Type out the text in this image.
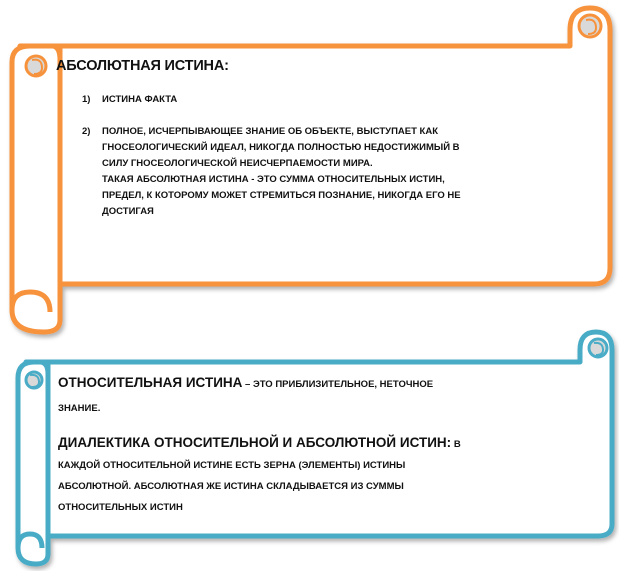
АБСОЛЮТНАЯ ИСТИНА:
1) ИСТИНА ФАКТА
2) ПОЛНОЕ, ИСЧЕРПЫВАЮЩЕЕ ЗНАНИЕ ОБ ОБЪЕКТЕ, ВЫСТУПАЕТ КАК
ГНОСЕОЛОГИЧЕСКИЙ ИДЕАЛ, НИКОГДА ПОЛНОСТЬЮ НЕДОСТИЖИМЫЙ В
СИЛУ ГНОСЕОЛОГИЧЕСКОЙ НЕИСЧЕРПАЕМОСТИ МИРА.
ТАКАЯ АБСОЛЮТНАЯ ИСТИНА - ЭТО СУММА ОТНОСИТЕЛЬНЫХ ИСТИН,
ПРЕДЕЛ, К КОТОРОМУ МОЖЕТ СТРЕМИТЬСЯ ПОЗНАНИЕ, НИКОГДА ЕГО НЕ
ДОСТИГАЯ

ОТНОСИТЕЛЬНАЯ ИСТИНА – ЭТО ПРИБЛИЗИТЕЛЬНОЕ, НЕТОЧНОЕ
ЗНАНИЕ.

ДИАЛЕКТИКА ОТНОСИТЕЛЬНОЙ И АБСОЛЮТНОЙ ИСТИН: В
КАЖДОЙ ОТНОСИТЕЛЬНОЙ ИСТИНЕ ЕСТЬ ЗЕРНА (ЭЛЕМЕНТЫ) ИСТИНЫ
АБСОЛЮТНОЙ. АБСОЛЮТНАЯ ЖЕ ИСТИНА СКЛАДЫВАЕТСЯ ИЗ СУММЫ
ОТНОСИТЕЛЬНЫХ ИСТИН
